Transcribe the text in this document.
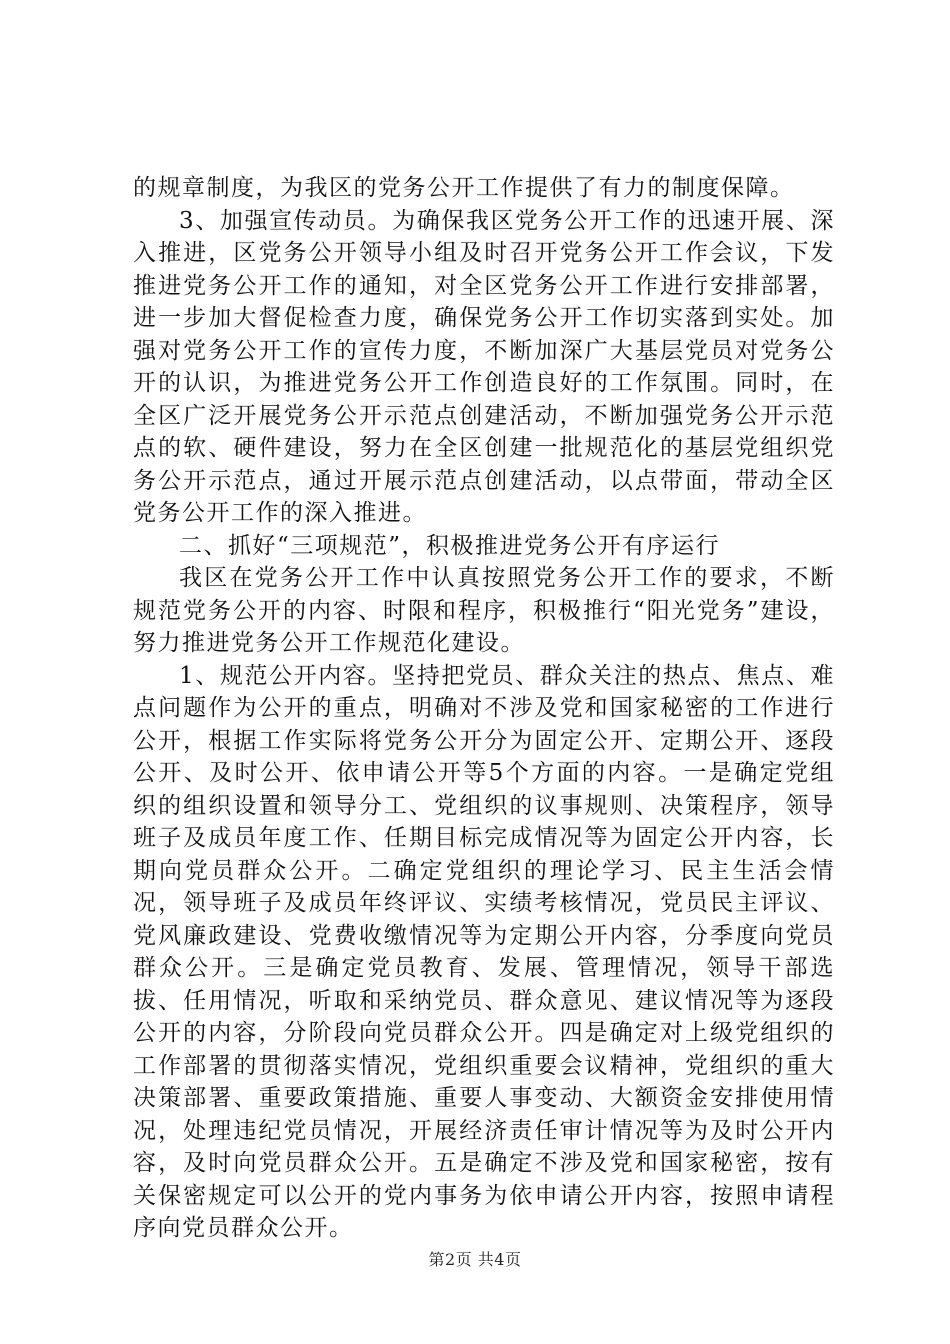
的规章制度，为我区的党务公开工作提供了有力的制度保障。

3、加强宣传动员。为确保我区党务公开工作的迅速开展、深入推进，区党务公开领导小组及时召开党务公开工作会议，下发推进党务公开工作的通知，对全区党务公开工作进行安排部署，进一步加大督促检查力度，确保党务公开工作切实落到实处。加强对党务公开工作的宣传力度，不断加深广大基层党员对党务公开的认识，为推进党务公开工作创造良好的工作氛围。同时，在全区广泛开展党务公开示范点创建活动，不断加强党务公开示范点的软、硬件建设，努力在全区创建一批规范化的基层党组织党务公开示范点，通过开展示范点创建活动，以点带面，带动全区党务公开工作的深入推进。

二、抓好“三项规范”，积极推进党务公开有序运行

我区在党务公开工作中认真按照党务公开工作的要求，不断规范党务公开的内容、时限和程序，积极推行“阳光党务”建设，努力推进党务公开工作规范化建设。

1、规范公开内容。坚持把党员、群众关注的热点、焦点、难点问题作为公开的重点，明确对不涉及党和国家秘密的工作进行公开，根据工作实际将党务公开分为固定公开、定期公开、逐段公开、及时公开、依申请公开等5个方面的内容。一是确定党组织的组织设置和领导分工、党组织的议事规则、决策程序，领导班子及成员年度工作、任期目标完成情况等为固定公开内容，长期向党员群众公开。二确定党组织的理论学习、民主生活会情况，领导班子及成员年终评议、实绩考核情况，党员民主评议、党风廉政建设、党费收缴情况等为定期公开内容，分季度向党员群众公开。三是确定党员教育、发展、管理情况，领导干部选拔、任用情况，听取和采纳党员、群众意见、建议情况等为逐段公开的内容，分阶段向党员群众公开。四是确定对上级党组织的工作部署的贯彻落实情况，党组织重要会议精神，党组织的重大决策部署、重要政策措施、重要人事变动、大额资金安排使用情况，处理违纪党员情况，开展经济责任审计情况等为及时公开内容，及时向党员群众公开。五是确定不涉及党和国家秘密，按有关保密规定可以公开的党内事务为依申请公开内容，按照申请程序向党员群众公开。

第2页 共4页
